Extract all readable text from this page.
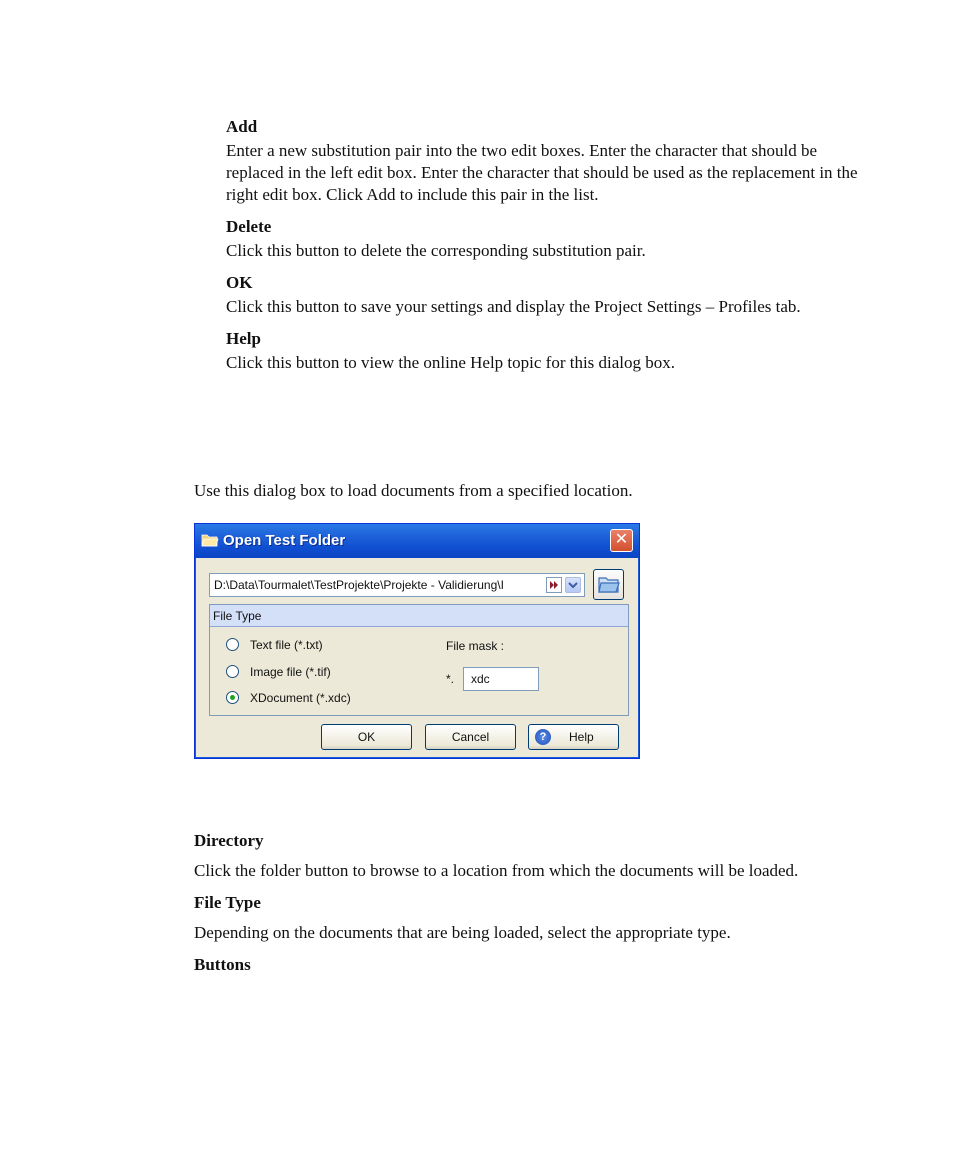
Add
Enter a new substitution pair into the two edit boxes. Enter the character that should be replaced in the left edit box. Enter the character that should be used as the replacement in the right edit box. Click Add to include this pair in the list.
Delete
Click this button to delete the corresponding substitution pair.
OK
Click this button to save your settings and display the Project Settings – Profiles tab.
Help
Click this button to view the online Help topic for this dialog box.
Use this dialog box to load documents from a specified location.
Open Test Folder	✕
D:\Data\Tourmalet\TestProjekte\Projekte - Validierung\I
File Type
Text file (*.txt)
Image file (*.tif)
XDocument (*.xdc)
File mask :
*.	xdc
OK	Cancel	?	Help
Directory
Click the folder button to browse to a location from which the documents will be loaded.
File Type
Depending on the documents that are being loaded, select the appropriate type.
Buttons
